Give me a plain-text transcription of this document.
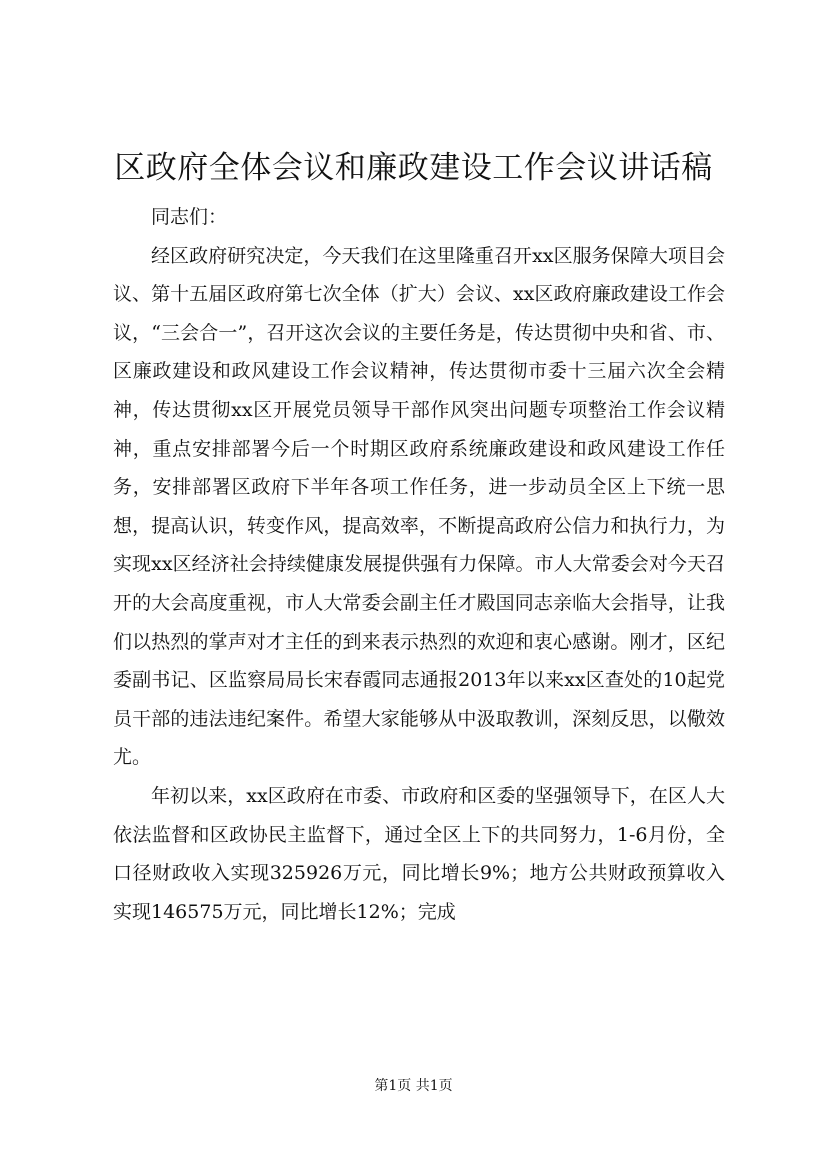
区政府全体会议和廉政建设工作会议讲话稿

同志们：

经区政府研究决定，今天我们在这里隆重召开xx区服务保障大项目会议、第十五届区政府第七次全体（扩大）会议、xx区政府廉政建设工作会议，“三会合一”，召开这次会议的主要任务是，传达贯彻中央和省、市、区廉政建设和政风建设工作会议精神，传达贯彻市委十三届六次全会精神，传达贯彻xx区开展党员领导干部作风突出问题专项整治工作会议精神，重点安排部署今后一个时期区政府系统廉政建设和政风建设工作任务，安排部署区政府下半年各项工作任务，进一步动员全区上下统一思想，提高认识，转变作风，提高效率，不断提高政府公信力和执行力，为实现xx区经济社会持续健康发展提供强有力保障。市人大常委会对今天召开的大会高度重视，市人大常委会副主任才殿国同志亲临大会指导，让我们以热烈的掌声对才主任的到来表示热烈的欢迎和衷心感谢。刚才，区纪委副书记、区监察局局长宋春霞同志通报2013年以来xx区查处的10起党员干部的违法违纪案件。希望大家能够从中汲取教训，深刻反思，以儆效尤。

年初以来，xx区政府在市委、市政府和区委的坚强领导下，在区人大依法监督和区政协民主监督下，通过全区上下的共同努力，1-6月份，全口径财政收入实现325926万元，同比增长9%；地方公共财政预算收入实现146575万元，同比增长12%；完成

第1页 共1页
